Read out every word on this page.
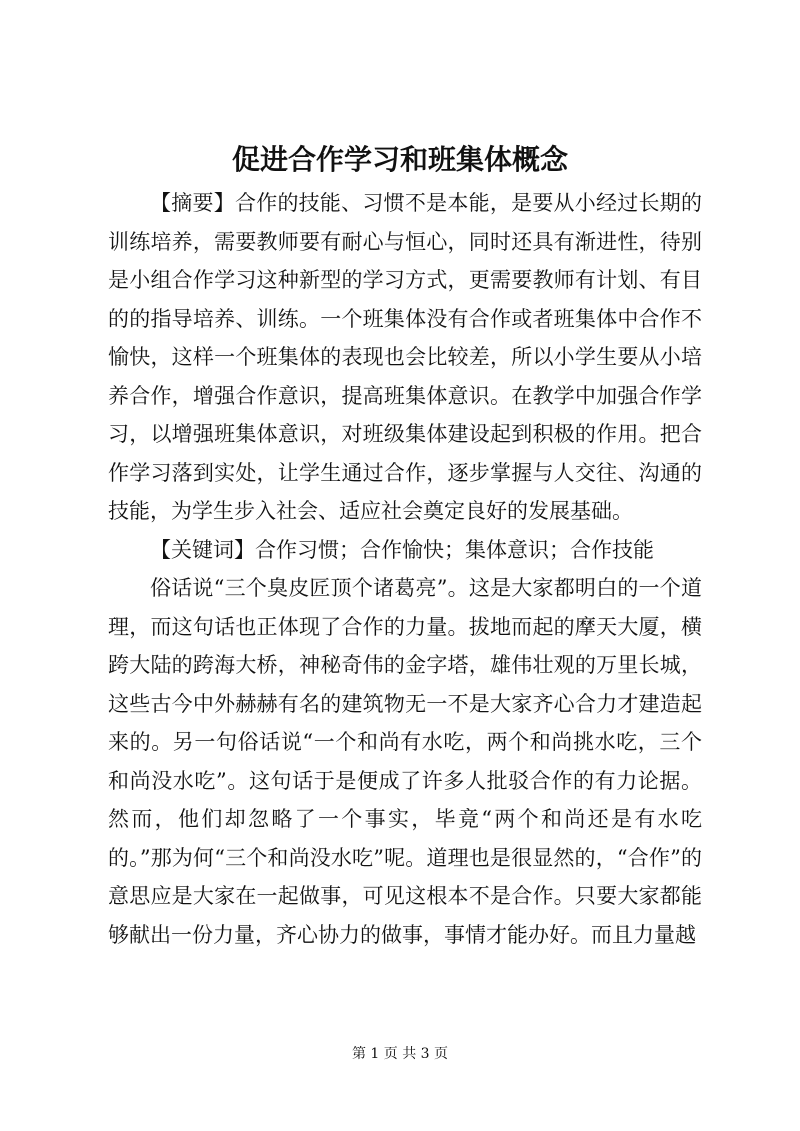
促进合作学习和班集体概念

【摘要】合作的技能、习惯不是本能，是要从小经过长期的训练培养，需要教师要有耐心与恒心，同时还具有渐进性，待别是小组合作学习这种新型的学习方式，更需要教师有计划、有目的的指导培养、训练。一个班集体没有合作或者班集体中合作不愉快，这样一个班集体的表现也会比较差，所以小学生要从小培养合作，增强合作意识，提高班集体意识。在教学中加强合作学习，以增强班集体意识，对班级集体建设起到积极的作用。把合作学习落到实处，让学生通过合作，逐步掌握与人交往、沟通的技能，为学生步入社会、适应社会奠定良好的发展基础。

【关键词】合作习惯；合作愉快；集体意识；合作技能

俗话说“三个臭皮匠顶个诸葛亮”。这是大家都明白的一个道理，而这句话也正体现了合作的力量。拔地而起的摩天大厦，横跨大陆的跨海大桥，神秘奇伟的金字塔，雄伟壮观的万里长城，这些古今中外赫赫有名的建筑物无一不是大家齐心合力才建造起来的。另一句俗话说“一个和尚有水吃，两个和尚挑水吃，三个和尚没水吃”。这句话于是便成了许多人批驳合作的有力论据。然而，他们却忽略了一个事实，毕竟“两个和尚还是有水吃的。”那为何“三个和尚没水吃”呢。道理也是很显然的，“合作”的意思应是大家在一起做事，可见这根本不是合作。只要大家都能够献出一份力量，齐心协力的做事，事情才能办好。而且力量越

第 1 页 共 3 页
